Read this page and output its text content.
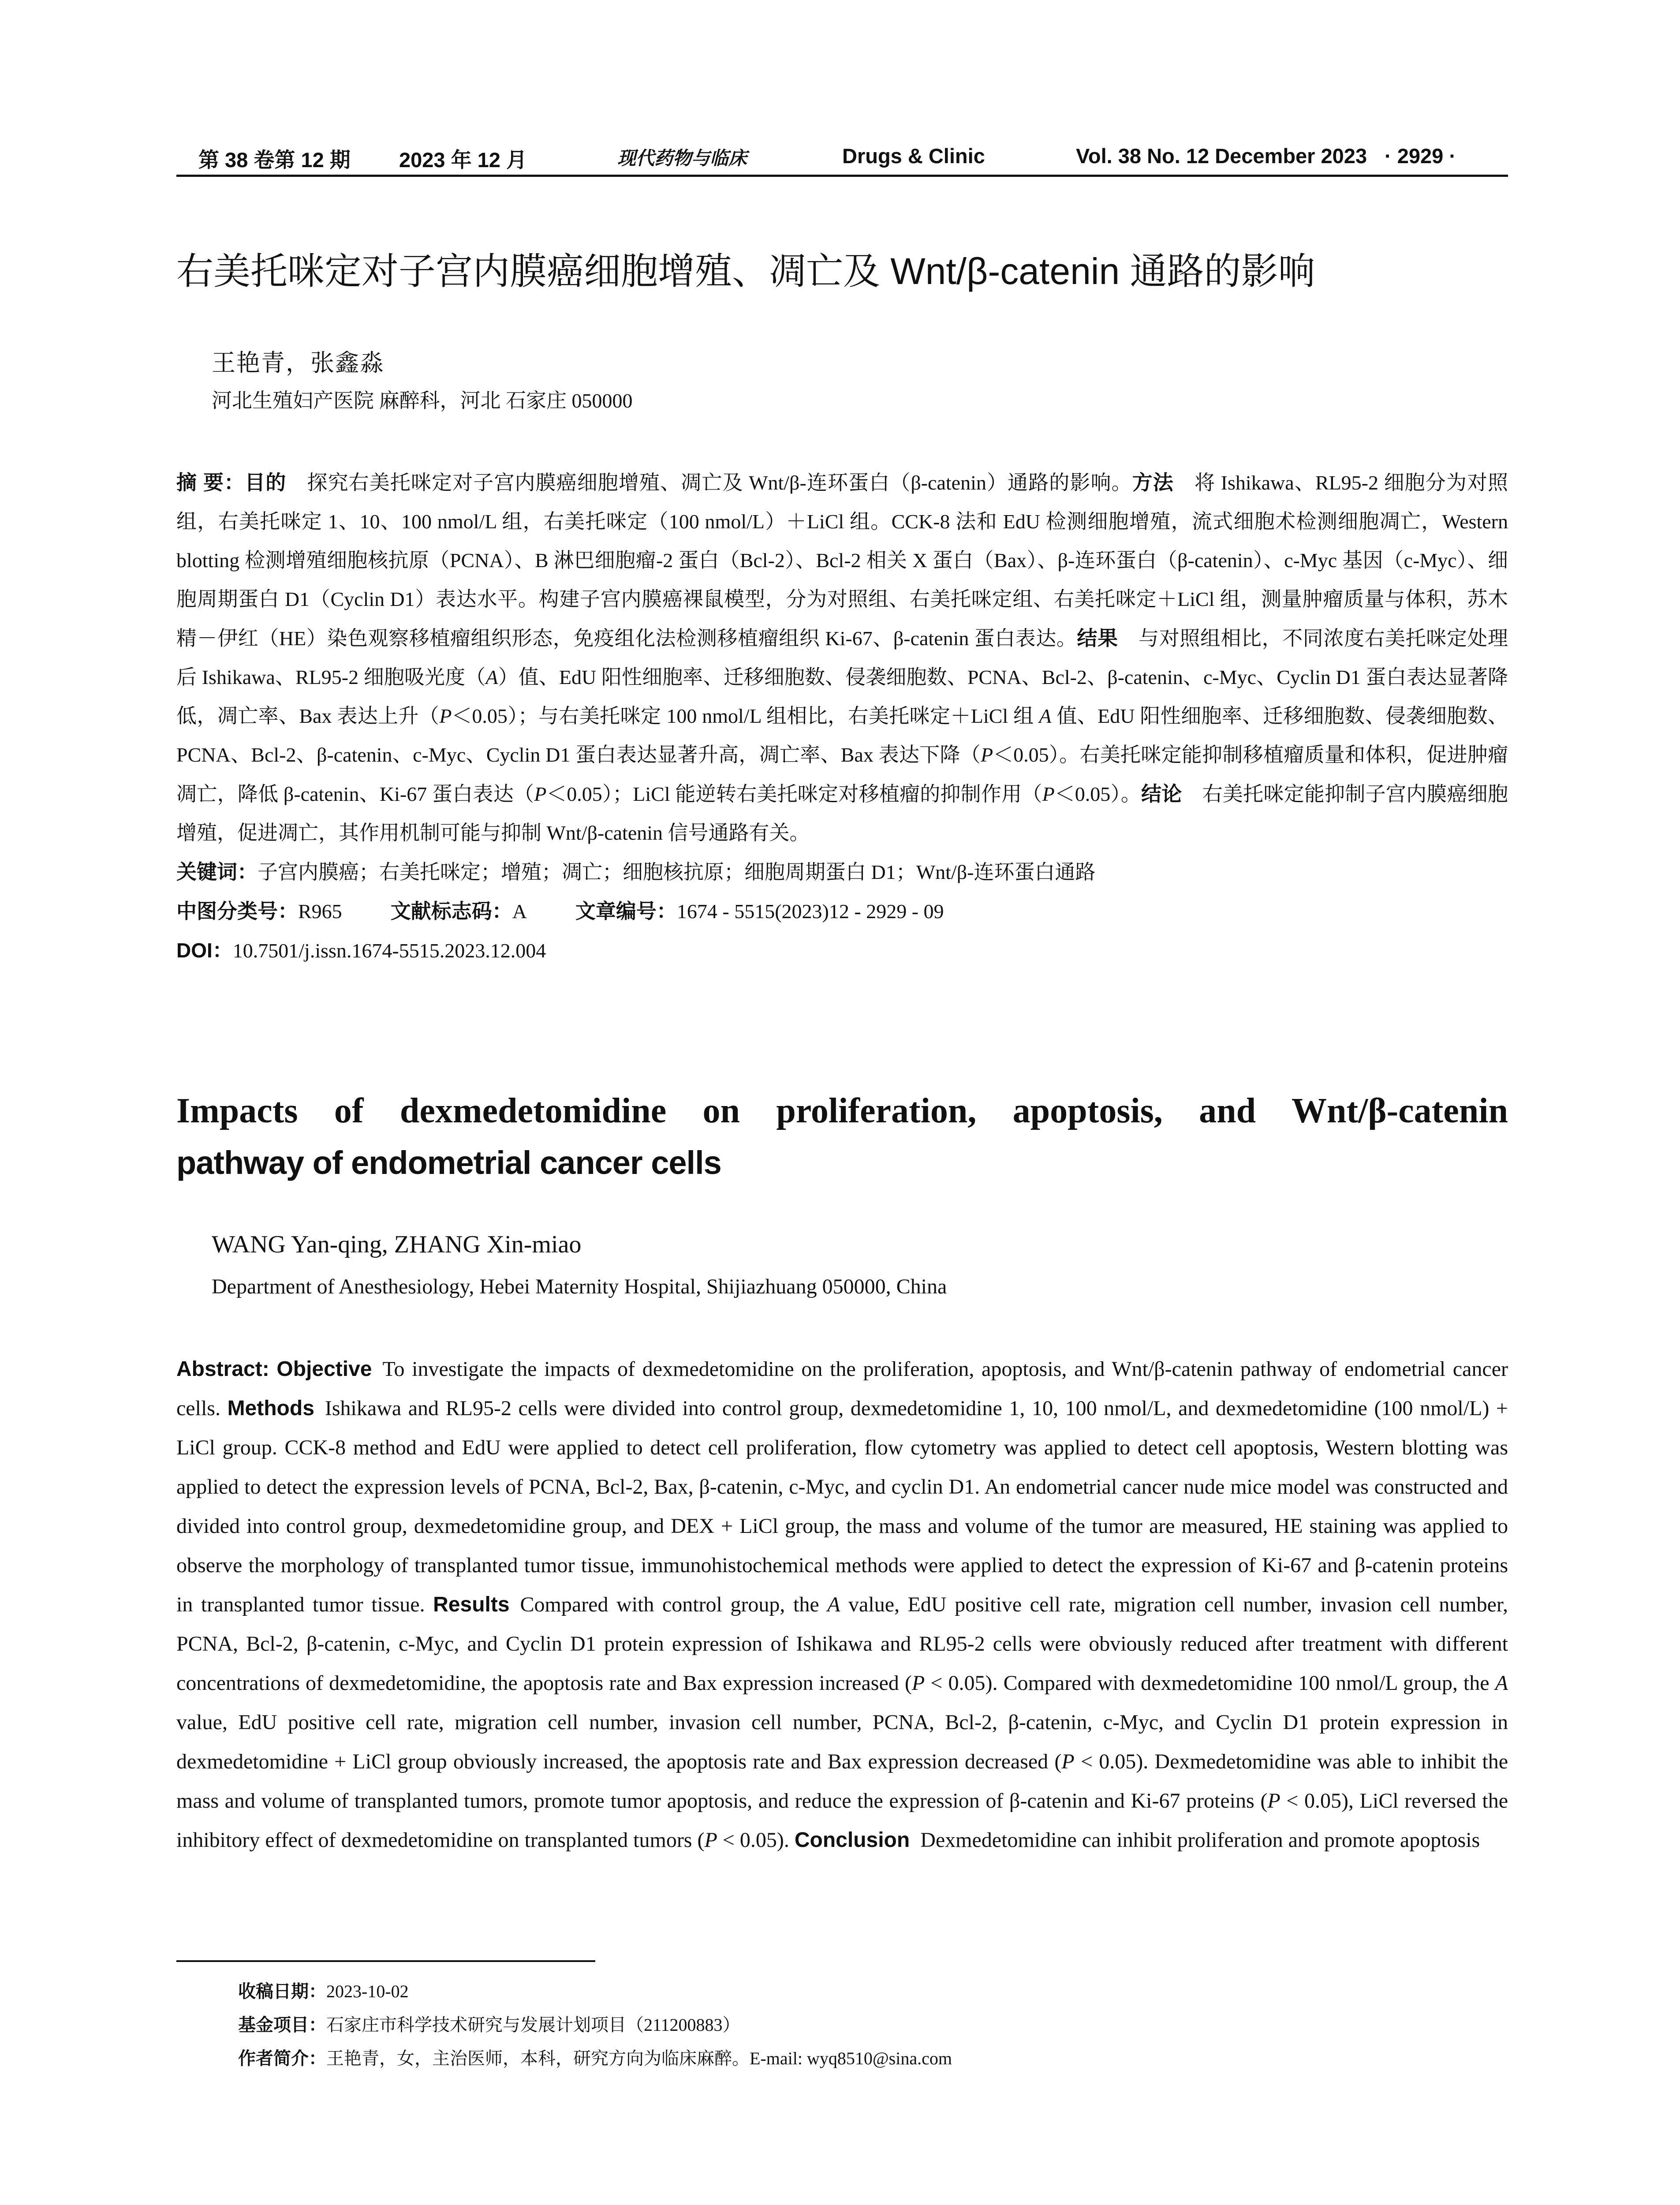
第 38 卷第 12 期 2023 年 12 月	现代药物与临床	Drugs & Clinic	Vol. 38 No. 12 December 2023 · 2929 ·
右美托咪定对子宫内膜癌细胞增殖、凋亡及 Wnt/β-catenin 通路的影响
王艳青，张鑫淼
河北生殖妇产医院 麻醉科，河北 石家庄 050000

摘 要：目的  探究右美托咪定对子宫内膜癌细胞增殖、凋亡及 Wnt/β-连环蛋白（β-catenin）通路的影响。方法  将 Ishikawa、RL95-2 细胞分为对照组，右美托咪定 1、10、100 nmol/L 组，右美托咪定（100 nmol/L）＋LiCl 组。CCK-8 法和 EdU 检测细胞增殖，流式细胞术检测细胞凋亡，Western blotting 检测增殖细胞核抗原（PCNA）、B 淋巴细胞瘤-2 蛋白（Bcl-2）、Bcl-2 相关 X 蛋白（Bax）、β-连环蛋白（β-catenin）、c-Myc 基因（c-Myc）、细胞周期蛋白 D1（Cyclin D1）表达水平。构建子宫内膜癌裸鼠模型，分为对照组、右美托咪定组、右美托咪定＋LiCl 组，测量肿瘤质量与体积，苏木精－伊红（HE）染色观察移植瘤组织形态，免疫组化法检测移植瘤组织 Ki-67、β-catenin 蛋白表达。结果  与对照组相比，不同浓度右美托咪定处理后 Ishikawa、RL95-2 细胞吸光度（A）值、EdU 阳性细胞率、迁移细胞数、侵袭细胞数、PCNA、Bcl-2、β-catenin、c-Myc、Cyclin D1 蛋白表达显著降低，凋亡率、Bax 表达上升（P＜0.05）；与右美托咪定 100 nmol/L 组相比，右美托咪定＋LiCl 组 A 值、EdU 阳性细胞率、迁移细胞数、侵袭细胞数、PCNA、Bcl-2、β-catenin、c-Myc、Cyclin D1 蛋白表达显著升高，凋亡率、Bax 表达下降（P＜0.05）。右美托咪定能抑制移植瘤质量和体积，促进肿瘤凋亡，降低 β-catenin、Ki-67 蛋白表达（P＜0.05）；LiCl 能逆转右美托咪定对移植瘤的抑制作用（P＜0.05）。结论  右美托咪定能抑制子宫内膜癌细胞增殖，促进凋亡，其作用机制可能与抑制 Wnt/β-catenin 信号通路有关。

关键词：子宫内膜癌；右美托咪定；增殖；凋亡；细胞核抗原；细胞周期蛋白 D1；Wnt/β-连环蛋白通路

中图分类号：R965 文献标志码：A 文章编号：1674 - 5515(2023)12 - 2929 - 09

DOI：10.7501/j.issn.1674-5515.2023.12.004

Impacts of dexmedetomidine on proliferation, apoptosis, and Wnt/β-catenin
pathway of endometrial cancer cells
WANG Yan-qing, ZHANG Xin-miao
Department of Anesthesiology, Hebei Maternity Hospital, Shijiazhuang 050000, China

Abstract: Objective  To investigate the impacts of dexmedetomidine on the proliferation, apoptosis, and Wnt/β-catenin pathway of endometrial cancer cells. Methods  Ishikawa and RL95-2 cells were divided into control group, dexmedetomidine 1, 10, 100 nmol/L, and dexmedetomidine (100 nmol/L) + LiCl group. CCK-8 method and EdU were applied to detect cell proliferation, flow cytometry was applied to detect cell apoptosis, Western blotting was applied to detect the expression levels of PCNA, Bcl-2, Bax, β-catenin, c-Myc, and cyclin D1. An endometrial cancer nude mice model was constructed and divided into control group, dexmedetomidine group, and DEX + LiCl group, the mass and volume of the tumor are measured, HE staining was applied to observe the morphology of transplanted tumor tissue, immunohistochemical methods were applied to detect the expression of Ki-67 and β-catenin proteins in transplanted tumor tissue. Results  Compared with control group, the A value, EdU positive cell rate, migration cell number, invasion cell number, PCNA, Bcl-2, β-catenin, c-Myc, and Cyclin D1 protein expression of Ishikawa and RL95-2 cells were obviously reduced after treatment with different concentrations of dexmedetomidine, the apoptosis rate and Bax expression increased (P < 0.05). Compared with dexmedetomidine 100 nmol/L group, the A value, EdU positive cell rate, migration cell number, invasion cell number, PCNA, Bcl-2, β-catenin, c-Myc, and Cyclin D1 protein expression in dexmedetomidine + LiCl group obviously increased, the apoptosis rate and Bax expression decreased (P < 0.05). Dexmedetomidine was able to inhibit the mass and volume of transplanted tumors, promote tumor apoptosis, and reduce the expression of β-catenin and Ki-67 proteins (P < 0.05), LiCl reversed the inhibitory effect of dexmedetomidine on transplanted tumors (P < 0.05). Conclusion  Dexmedetomidine can inhibit proliferation and promote apoptosis

收稿日期：2023-10-02

基金项目：石家庄市科学技术研究与发展计划项目（211200883）

作者简介：王艳青，女，主治医师，本科，研究方向为临床麻醉。E-mail: wyq8510@sina.com
